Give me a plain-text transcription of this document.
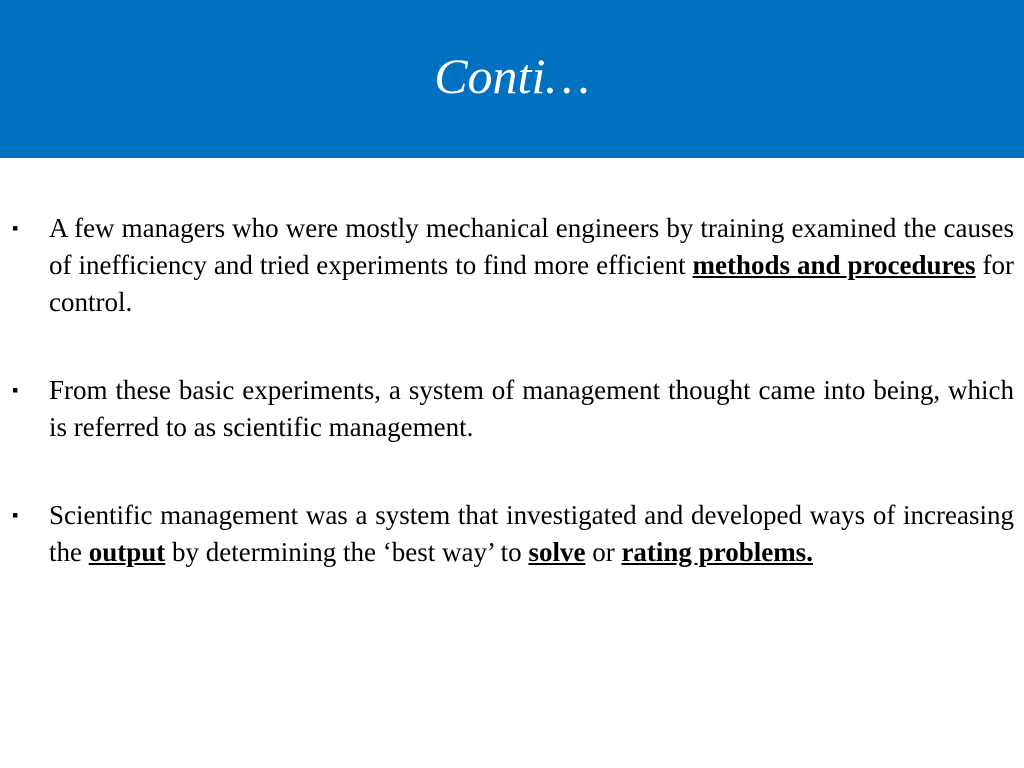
Conti…
▪ A few managers who were mostly mechanical engineers by training examined the causes of inefficiency and tried experiments to find more efficient methods and procedures for control.
▪ From these basic experiments, a system of management thought came into being, which is referred to as scientific management.
▪ Scientific management was a system that investigated and developed ways of increasing the output by determining the ‘best way’ to solve or rating problems.
